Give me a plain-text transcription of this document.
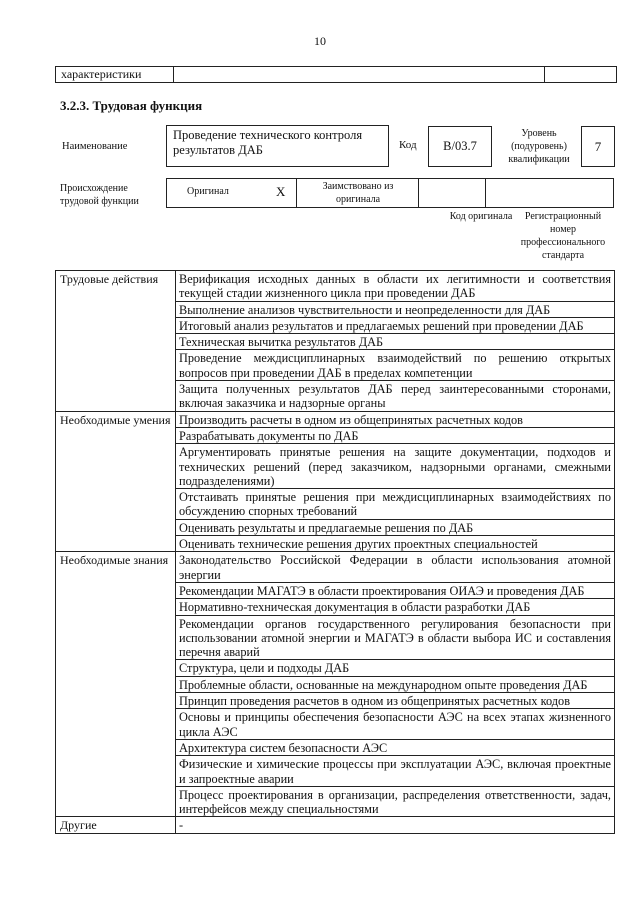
10
характеристики
3.2.3. Трудовая функция
Наименование
Проведение технического контроля результатов ДАБ	Код	B/03.7
Уровень (подуровень) квалификации
7
Происхождение трудовой функции
Оригинал	X	Заимствовано из оригинала
Код оригинала	Регистрационный номер профессионального стандарта
Трудовые действия	Верификация исходных данных в области их легитимности и соответствия текущей стадии жизненного цикла при проведении ДАБ
	Выполнение анализов чувствительности и неопределенности для ДАБ
	Итоговый анализ результатов и предлагаемых решений при проведении ДАБ
	Техническая вычитка результатов ДАБ
	Проведение междисциплинарных взаимодействий по решению открытых вопросов при проведении ДАБ в пределах компетенции
	Защита полученных результатов ДАБ перед заинтересованными сторонами, включая заказчика и надзорные органы
Необходимые умения	Производить расчеты в одном из общепринятых расчетных кодов
	Разрабатывать документы по ДАБ
	Аргументировать принятые решения на защите документации, подходов и технических решений (перед заказчиком, надзорными органами, смежными подразделениями)
	Отстаивать принятые решения при междисциплинарных взаимодействиях по обсуждению спорных требований
	Оценивать результаты и предлагаемые решения по ДАБ
	Оценивать технические решения других проектных специальностей
Необходимые знания	Законодательство Российской Федерации в области использования атомной энергии
	Рекомендации МАГАТЭ в области проектирования ОИАЭ и проведения ДАБ
	Нормативно-техническая документация в области разработки ДАБ
	Рекомендации органов государственного регулирования безопасности при использовании атомной энергии и МАГАТЭ в области выбора ИС и составления перечня аварий
	Структура, цели и подходы ДАБ
	Проблемные области, основанные на международном опыте проведения ДАБ
	Принцип проведения расчетов в одном из общепринятых расчетных кодов
	Основы и принципы обеспечения безопасности АЭС на всех этапах жизненного цикла АЭС
	Архитектура систем безопасности АЭС
	Физические и химические процессы при эксплуатации АЭС, включая проектные и запроектные аварии
	Процесс проектирования в организации, распределения ответственности, задач, интерфейсов между специальностями
Другие	-
